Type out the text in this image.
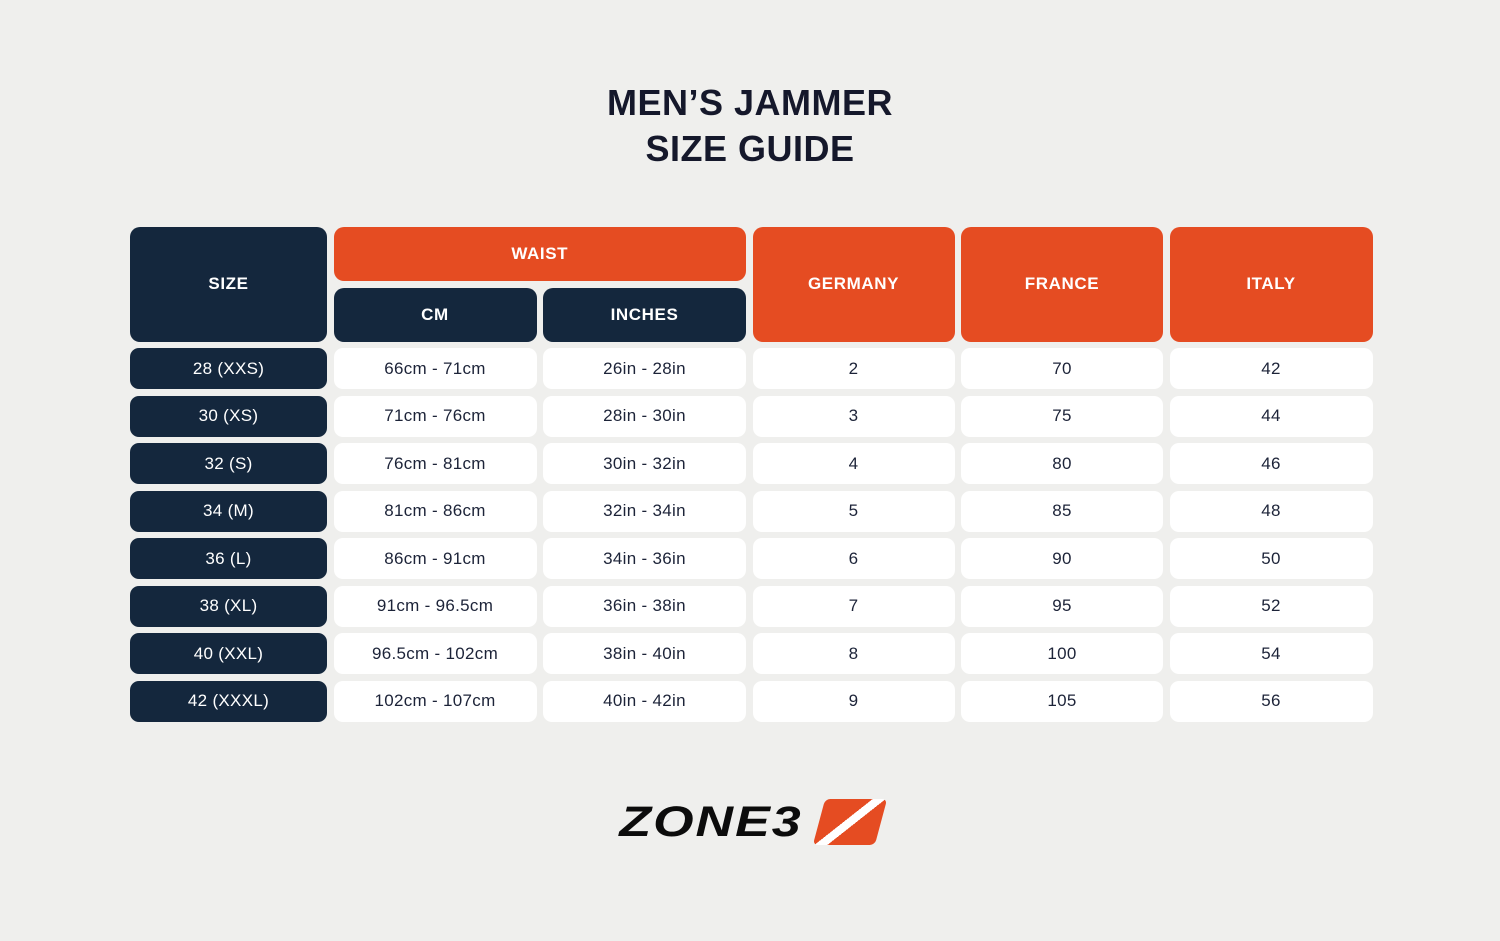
MEN’S JAMMER
SIZE GUIDE
SIZE
WAIST
CM	INCHES
GERMANY	FRANCE	ITALY
28 (XXS)	66cm - 71cm	26in - 28in	2	70	42
30 (XS)	71cm - 76cm	28in - 30in	3	75	44
32 (S)	76cm - 81cm	30in - 32in	4	80	46
34 (M)	81cm - 86cm	32in - 34in	5	85	48
36 (L)	86cm - 91cm	34in - 36in	6	90	50
38 (XL)	91cm - 96.5cm	36in - 38in	7	95	52
40 (XXL)	96.5cm - 102cm	38in - 40in	8	100	54
42 (XXXL)	102cm - 107cm	40in - 42in	9	105	56
ZONE3
